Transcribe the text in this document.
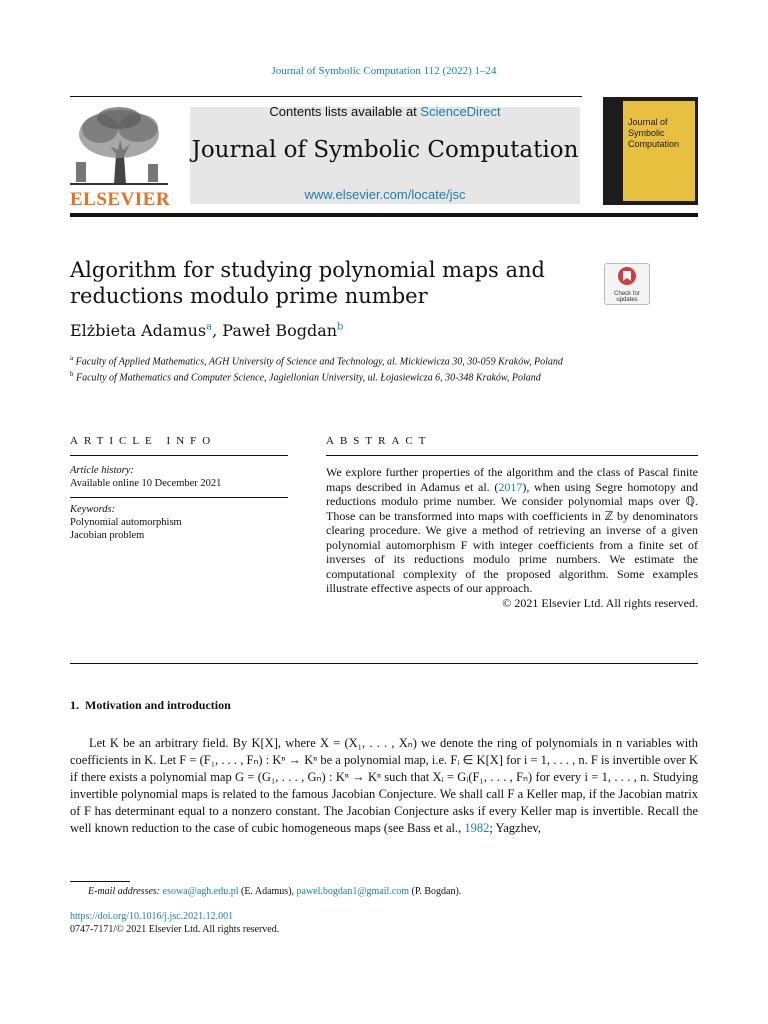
Journal of Symbolic Computation 112 (2022) 1–24
ELSEVIER
Contents lists available at ScienceDirect
Journal of Symbolic Computation
www.elsevier.com/locate/jsc
Journal of
Symbolic
Computation
Algorithm for studying polynomial maps and
reductions modulo prime number	Check for
updates
Elżbieta Adamus$^a$, Paweł Bogdan$^b$
$^a$ Faculty of Applied Mathematics, AGH University of Science and Technology, al. Mickiewicza 30, 30-059 Kraków, Poland
$^b$ Faculty of Mathematics and Computer Science, Jagiellonian University, ul. Łojasiewicza 6, 30-348 Kraków, Poland
ARTICLE INFO
Article history:
Available online 10 December 2021
Keywords:
Polynomial automorphism
Jacobian problem
ABSTRACT
We explore further properties of the algorithm and the class of Pascal finite maps described in Adamus et al. (2017), when using Segre homotopy and reductions modulo prime number. We consider polynomial maps over ℚ. Those can be transformed into maps with coefficients in ℤ by denominators clearing procedure. We give a method of retrieving an inverse of a given polynomial automorphism F with integer coefficients from a finite set of inverses of its reductions modulo prime numbers. We estimate the computational complexity of the proposed algorithm. Some examples illustrate effective aspects of our approach.
© 2021 Elsevier Ltd. All rights reserved.
1.  Motivation and introduction
Let K be an arbitrary field. By K[X], where X = (X₁, . . . , Xₙ) we denote the ring of polynomials in n variables with coefficients in K. Let F = (F₁, . . . , Fₙ) : Kⁿ → Kⁿ be a polynomial map, i.e. Fᵢ ∈ K[X] for i = 1, . . . , n. F is invertible over K if there exists a polynomial map G = (G₁, . . . , Gₙ) : Kⁿ → Kⁿ such that Xᵢ = Gᵢ(F₁, . . . , Fₙ) for every i = 1, . . . , n. Studying invertible polynomial maps is related to the famous Jacobian Conjecture. We shall call F a Keller map, if the Jacobian matrix of F has determinant equal to a nonzero constant. The Jacobian Conjecture asks if every Keller map is invertible. Recall the well known reduction to the case of cubic homogeneous maps (see Bass et al., 1982; Yagzhev,
E-mail addresses: esowa@agh.edu.pl (E. Adamus), pawel.bogdan1@gmail.com (P. Bogdan).
https://doi.org/10.1016/j.jsc.2021.12.001
0747-7171/© 2021 Elsevier Ltd. All rights reserved.
